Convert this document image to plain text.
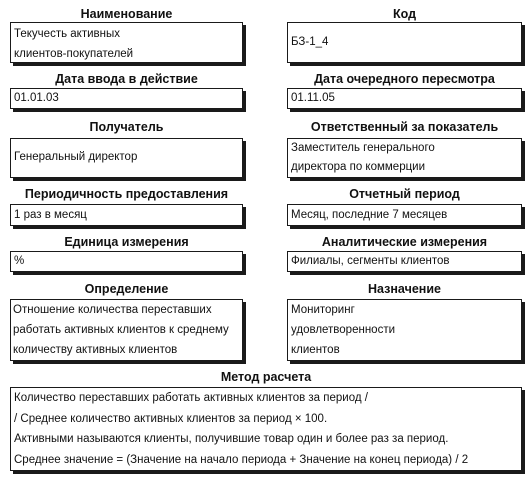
Наименование
Текучесть активных
клиентов-покупателей
Код
БЗ-1_4
Дата ввода в действие
01.01.03
Дата очередного пересмотра
01.11.05
Получатель
Генеральный директор
Ответственный за показатель
Заместитель генерального
директора по коммерции
Периодичность предоставления
1 раз в месяц
Отчетный период
Месяц, последние 7 месяцев
Единица измерения
%
Аналитические измерения
Филиалы, сегменты клиентов
Определение
Отношение количества переставших
работать активных клиентов к среднему
количеству активных клиентов
Назначение
Мониторинг
удовлетворенности
клиентов
Метод расчета
Количество переставших работать активных клиентов за период /
/ Среднее количество активных клиентов за период × 100.
Активными называются клиенты, получившие товар один и более раз за период.
Среднее значение = (Значение на начало периода + Значение на конец периода) / 2
